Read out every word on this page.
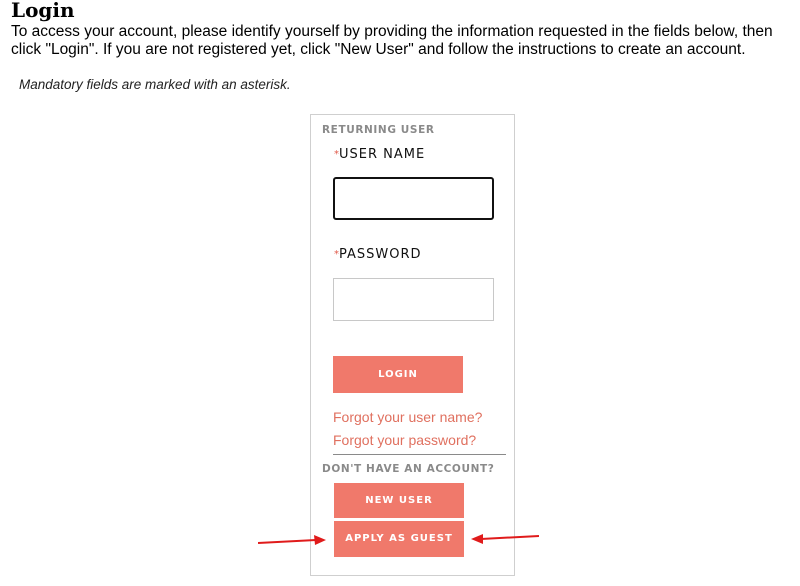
Login

To access your account, please identify yourself by providing the information requested in the fields below, then click "Login". If you are not registered yet, click "New User" and follow the instructions to create an account.

Mandatory fields are marked with an asterisk.

RETURNING USER
*USER NAME
*PASSWORD
LOGIN
Forgot your user name?
Forgot your password?
DON'T HAVE AN ACCOUNT?
NEW USER
APPLY AS GUEST
